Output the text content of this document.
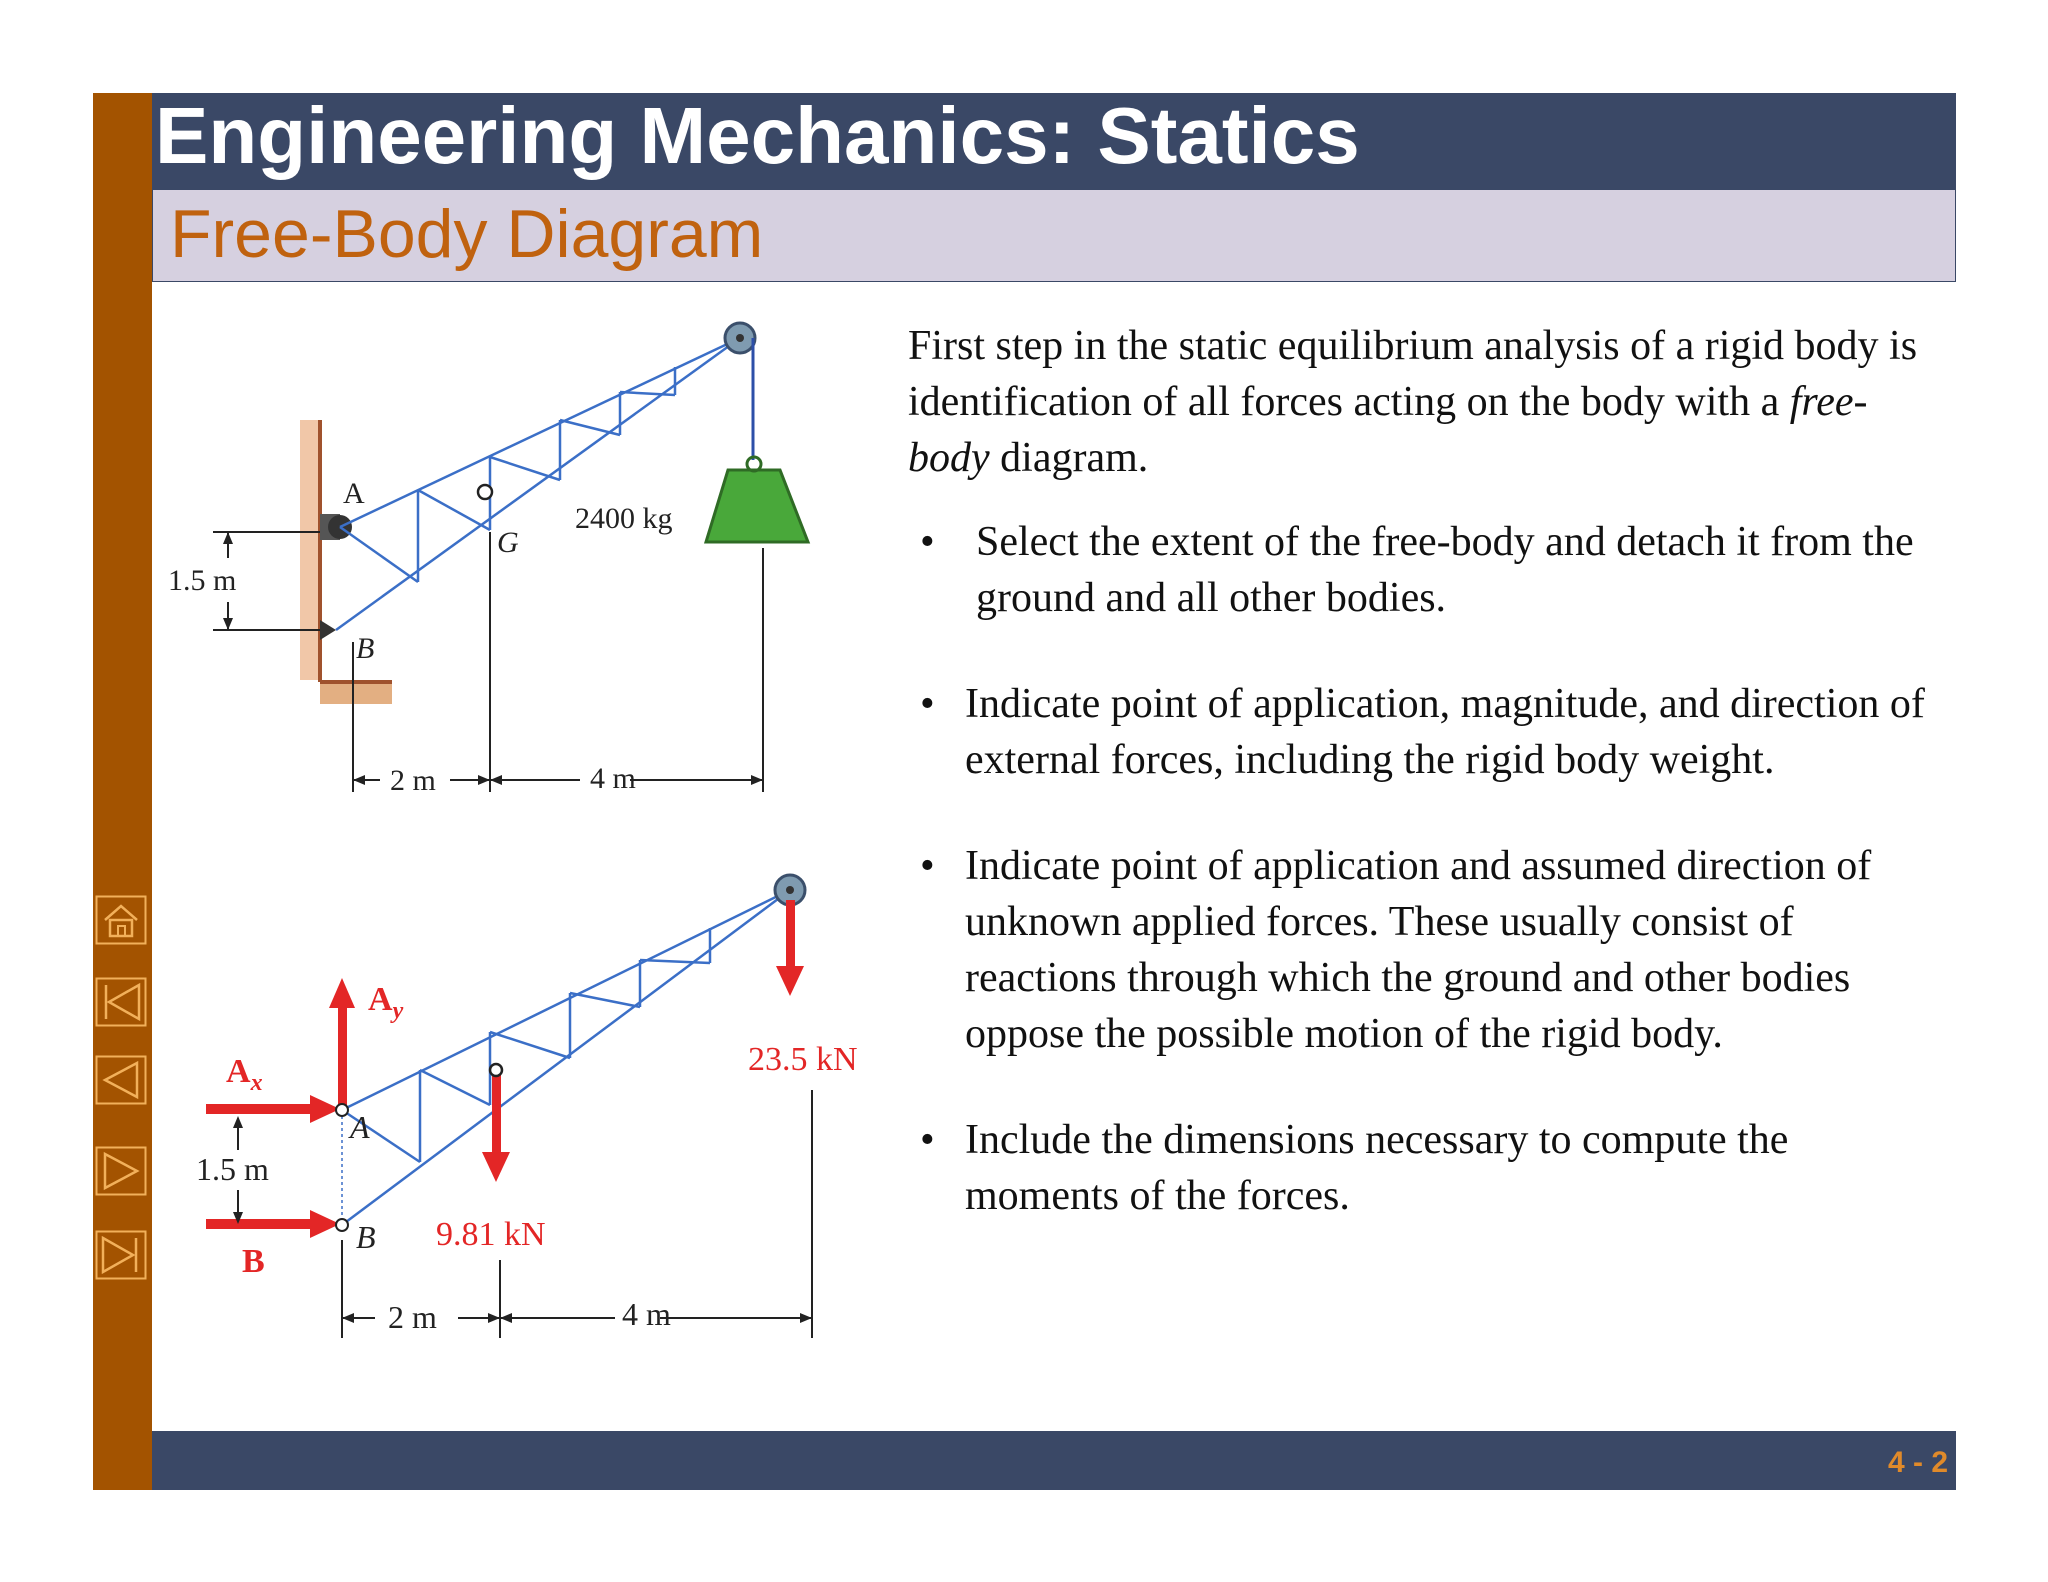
Engineering Mechanics: Statics
Free-Body Diagram
A
B
G
2400 kg
1.5 m
2 m	4 m
A
B
1.5 m
2 m	4 m
$A_y$
$A_x$
B
9.81 kN
23.5 kN

First step in the static equilibrium analysis of a rigid body is identification of all forces acting on the body with a free-body diagram.

• Select the extent of the free-body and detach it from the ground and all other bodies.

• Indicate point of application, magnitude, and direction of external forces, including the rigid body weight.

• Indicate point of application and assumed direction of unknown applied forces. These usually consist of reactions through which the ground and other bodies oppose the possible motion of the rigid body.

• Include the dimensions necessary to compute the moments of the forces.

4 - 2
